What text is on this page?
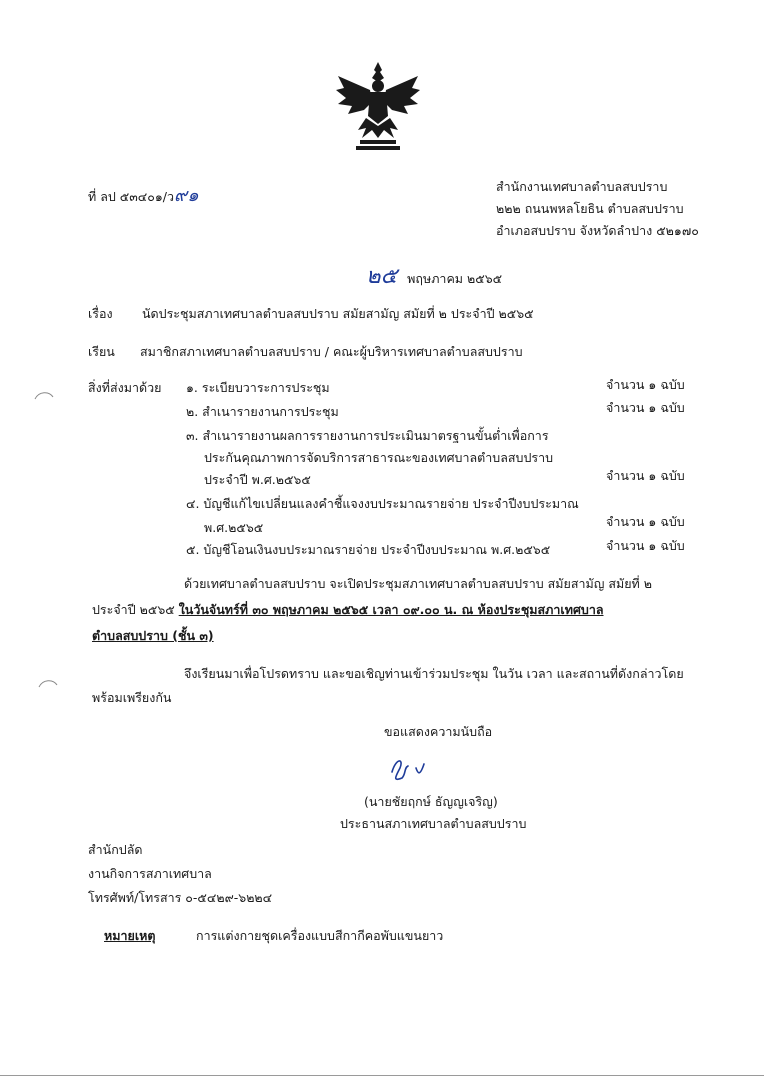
ที่ ลป ๕๓๔๐๑/ว๙๑	สำนักงานเทศบาลตำบลสบปราบ
๒๒๒ ถนนพหลโยธิน ตำบลสบปราบ
อำเภอสบปราบ จังหวัดลำปาง ๕๒๑๗๐
๒๕ พฤษภาคม ๒๕๖๕
เรื่อง นัดประชุมสภาเทศบาลตำบลสบปราบ สมัยสามัญ สมัยที่ ๒ ประจำปี ๒๕๖๕
เรียน สมาชิกสภาเทศบาลตำบลสบปราบ / คณะผู้บริหารเทศบาลตำบลสบปราบ
สิ่งที่ส่งมาด้วย ๑. ระเบียบวาระการประชุม	จำนวน ๑ ฉบับ
๒. สำเนารายงานการประชุม	จำนวน ๑ ฉบับ
๓. สำเนารายงานผลการรายงานการประเมินมาตรฐานขั้นต่ำเพื่อการ
ประกันคุณภาพการจัดบริการสาธารณะของเทศบาลตำบลสบปราบ
ประจำปี พ.ศ.๒๕๖๕	จำนวน ๑ ฉบับ
๔. บัญชีแก้ไขเปลี่ยนแลงคำชี้แจงงบประมาณรายจ่าย ประจำปีงบประมาณ
พ.ศ.๒๕๖๕	จำนวน ๑ ฉบับ
๕. บัญชีโอนเงินงบประมาณรายจ่าย ประจำปีงบประมาณ พ.ศ.๒๕๖๕	จำนวน ๑ ฉบับ
ด้วยเทศบาลตำบลสบปราบ จะเปิดประชุมสภาเทศบาลตำบลสบปราบ สมัยสามัญ สมัยที่ ๒
ประจำปี ๒๕๖๕ ในวันจันทร์ที่ ๓๐ พฤษภาคม ๒๕๖๕ เวลา ๐๙.๐๐ น. ณ ห้องประชุมสภาเทศบาล
ตำบลสบปราบ (ชั้น ๓)
จึงเรียนมาเพื่อโปรดทราบ และขอเชิญท่านเข้าร่วมประชุม ในวัน เวลา และสถานที่ดังกล่าวโดย
พร้อมเพรียงกัน
ขอแสดงความนับถือ
(นายชัยฤกษ์ ธัญญเจริญ)
ประธานสภาเทศบาลตำบลสบปราบ
สำนักปลัด
งานกิจการสภาเทศบาล
โทรศัพท์/โทรสาร ๐-๕๔๒๙-๖๒๒๔
หมายเหตุ	การแต่งกายชุดเครื่องแบบสีกากีคอพับแขนยาว
